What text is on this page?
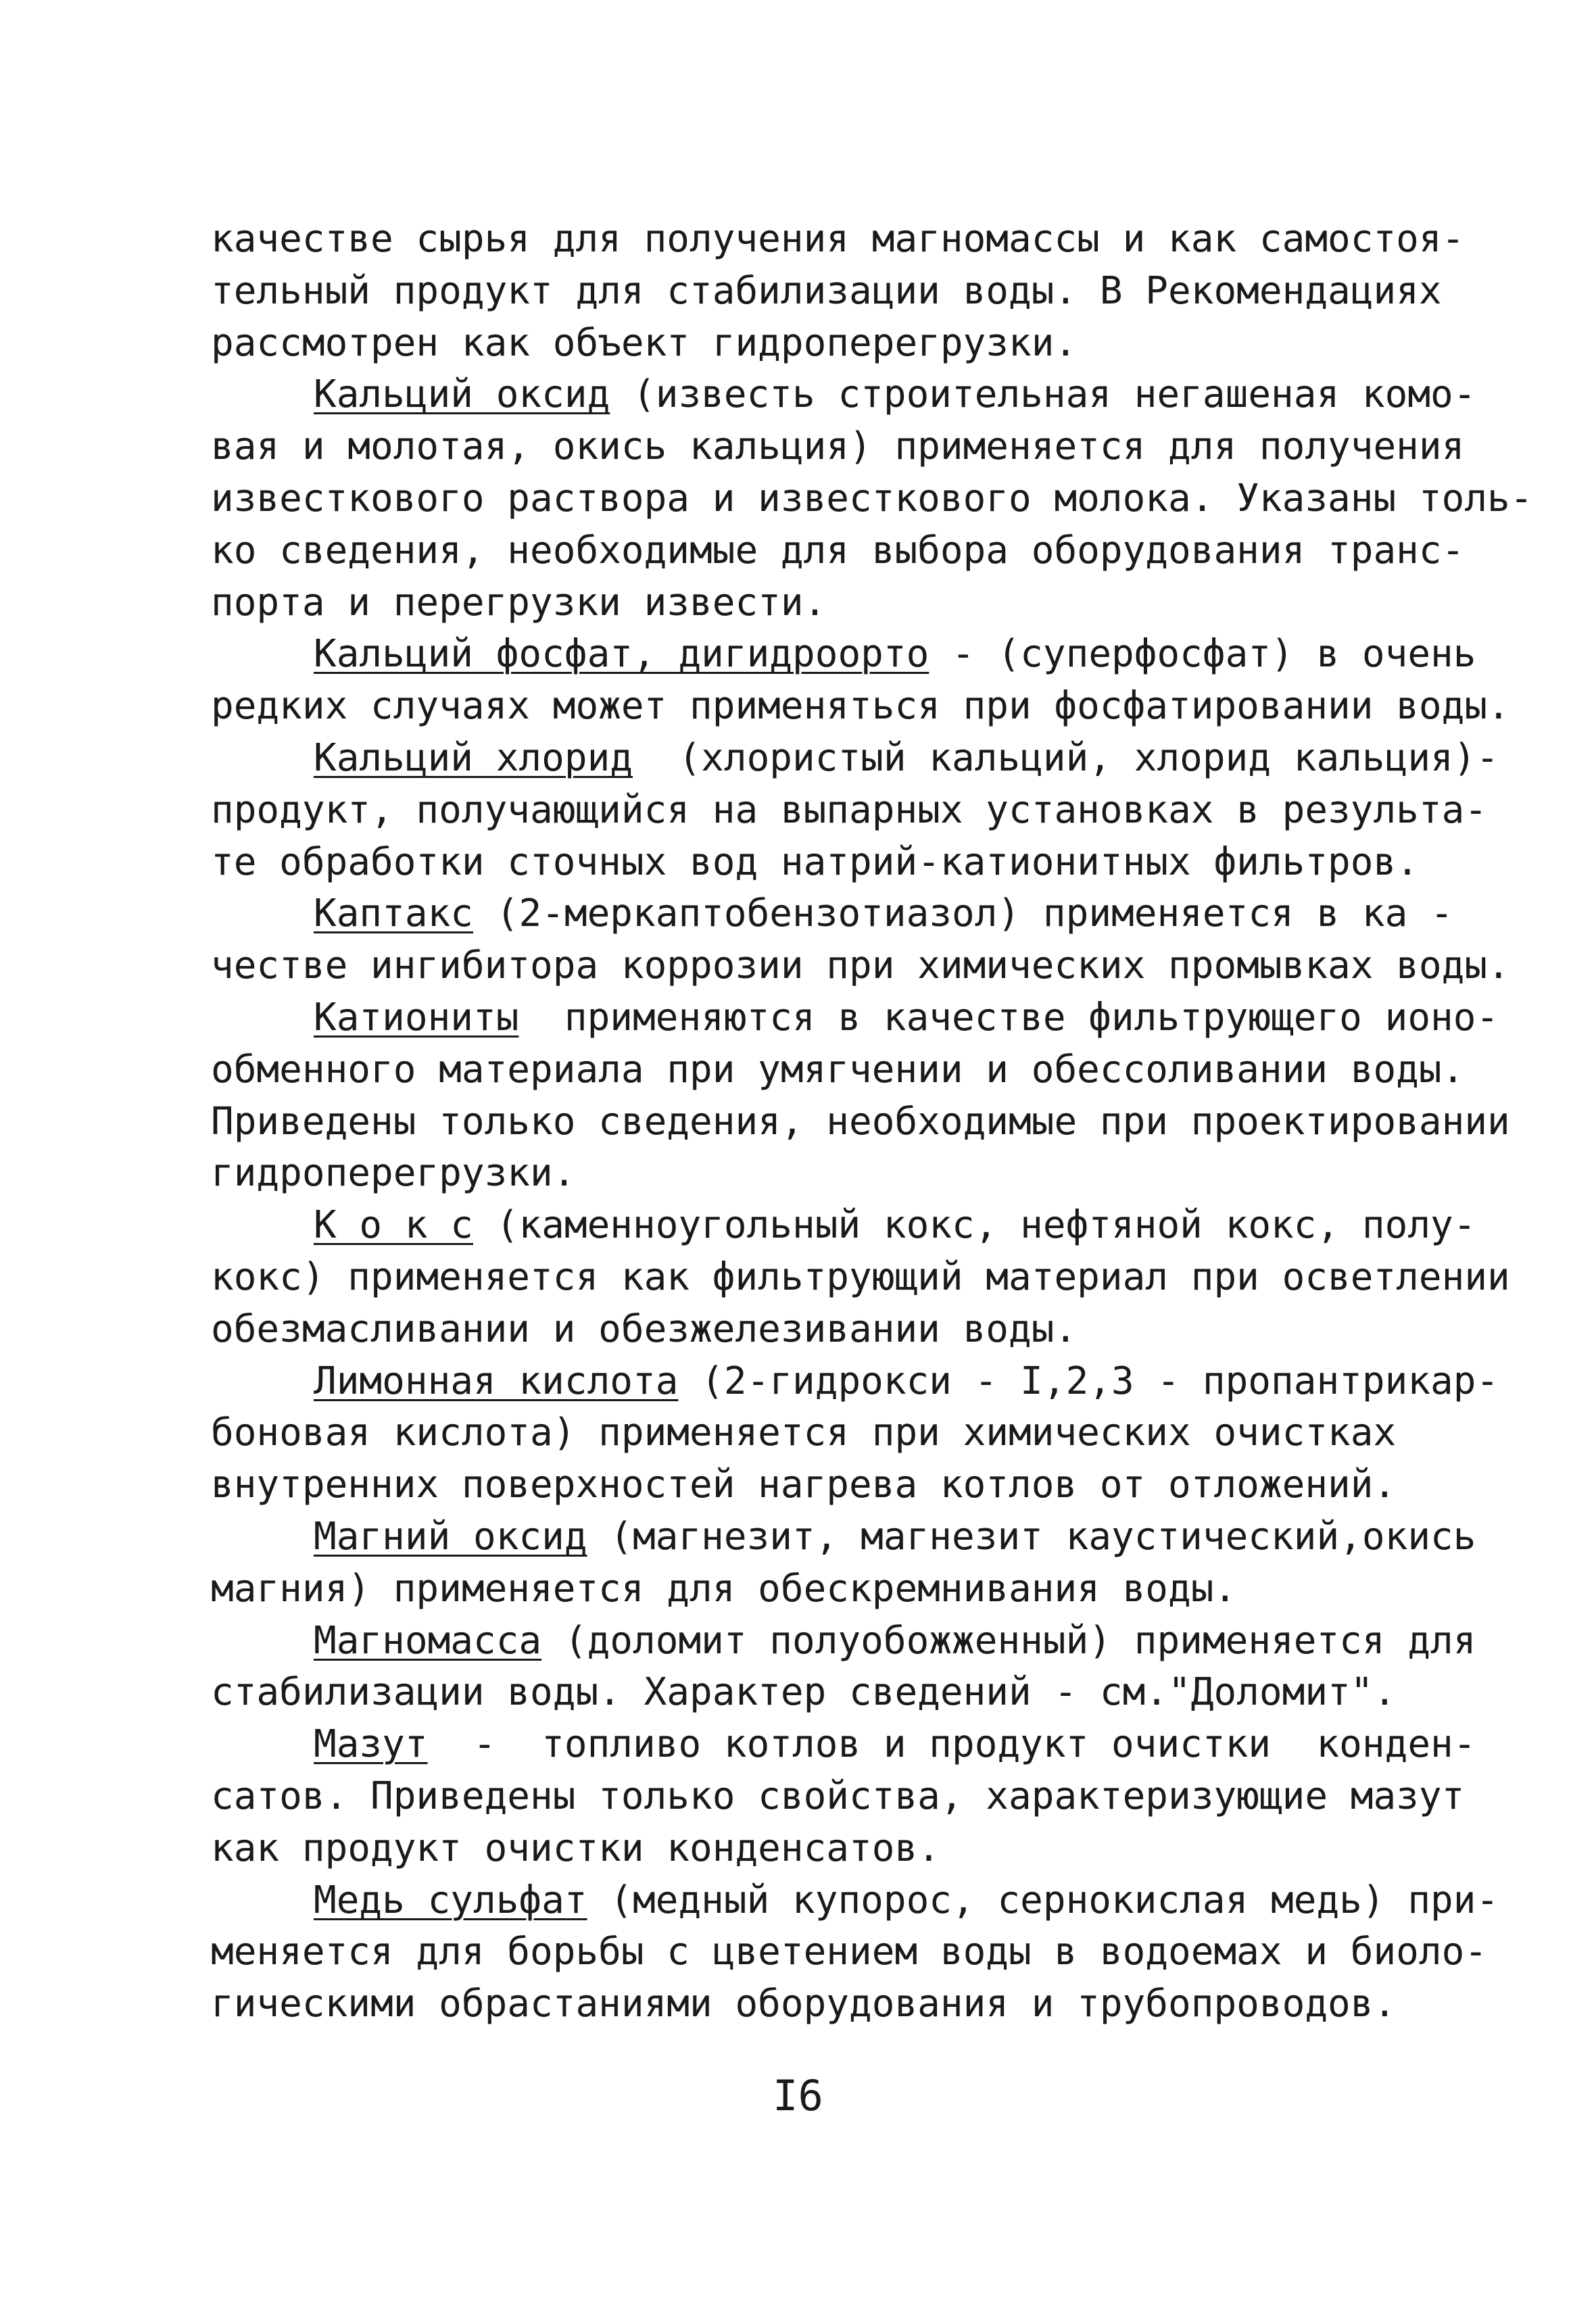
качестве сырья для получения магномассы и как самостоя-
тельный продукт для стабилизации воды. В Рекомендациях
рассмотрен как объект гидроперегрузки.
Кальций оксид (известь строительная негашеная комо-
вая и молотая, окись кальция) применяется для получения
известкового раствора и известкового молока. Указаны толь-
ко сведения, необходимые для выбора оборудования транс-
порта и перегрузки извести.
Кальций фосфат, дигидроорто - (суперфосфат) в очень
редких случаях может применяться при фосфатировании воды.
Кальций хлорид  (хлористый кальций, хлорид кальция)-
продукт, получающийся на выпарных установках в результа-
те обработки сточных вод натрий-катионитных фильтров.
Каптакс (2-меркаптобензотиазол) применяется в ка -
честве ингибитора коррозии при химических промывках воды.
Катиониты  применяются в качестве фильтрующего ионо-
обменного материала при умягчении и обессоливании воды.
Приведены только сведения, необходимые при проектировании
гидроперегрузки.
К о к с (каменноугольный кокс, нефтяной кокс, полу-
кокс) применяется как фильтрующий материал при осветлении
обезмасливании и обезжелезивании воды.
Лимонная кислота (2-гидрокси - I,2,3 - пропантрикар-
боновая кислота) применяется при химических очистках
внутренних поверхностей нагрева котлов от отложений.
Магний оксид (магнезит, магнезит каустический,окись
магния) применяется для обескремнивания воды.
Магномасса (доломит полуобожженный) применяется для
стабилизации воды. Характер сведений - см."Доломит".
Мазут  -  топливо котлов и продукт очистки  конден-
сатов. Приведены только свойства, характеризующие мазут
как продукт очистки конденсатов.
Медь сульфат (медный купорос, сернокислая медь) при-
меняется для борьбы с цветением воды в водоемах и биоло-
гическими обрастаниями оборудования и трубопроводов.
I6
